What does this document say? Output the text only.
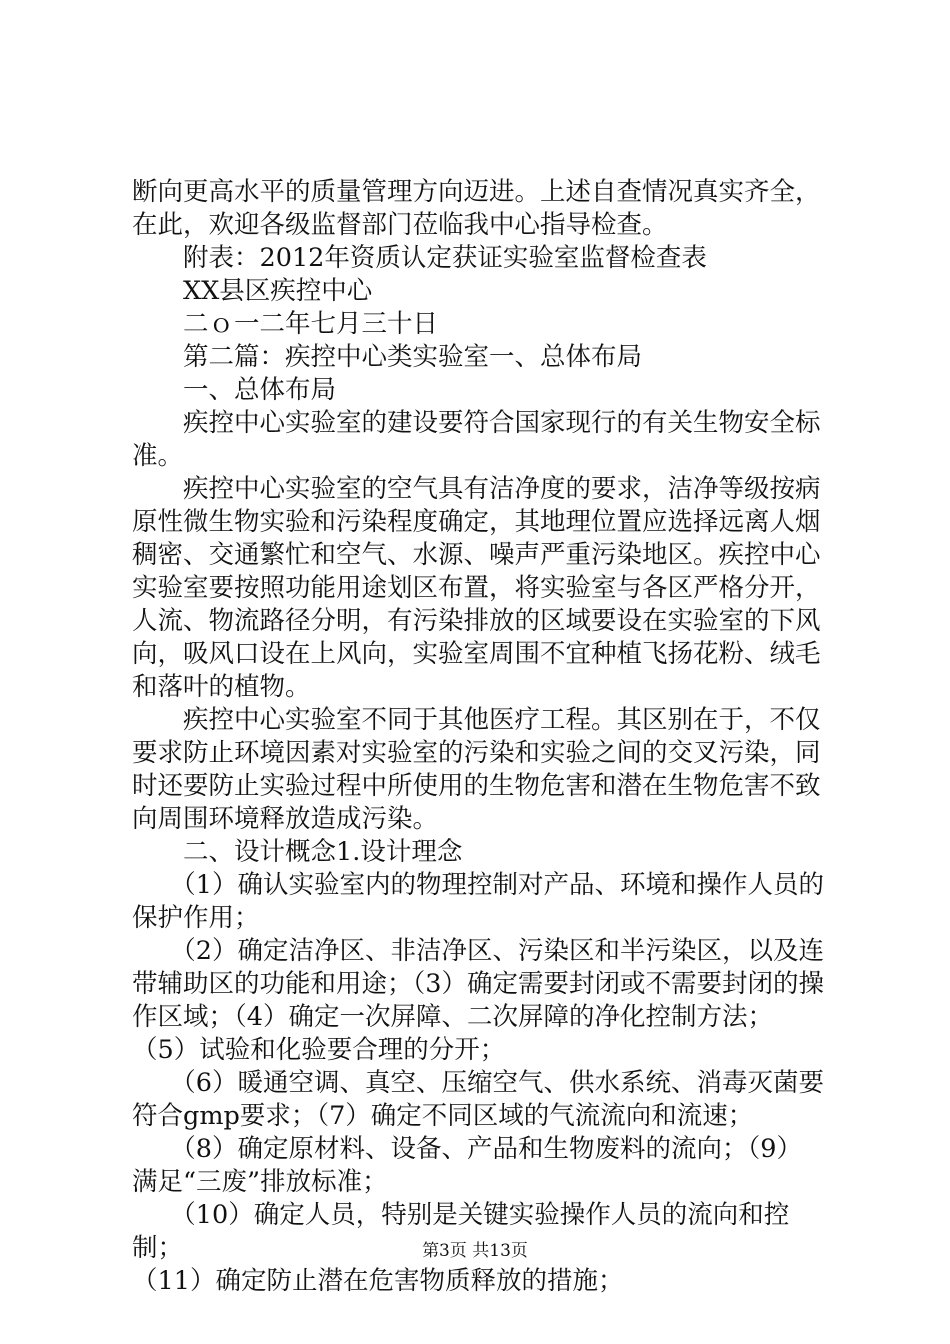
断向更高水平的质量管理方向迈进。上述自查情况真实齐全，

在此，欢迎各级监督部门莅临我中心指导检查。

　　附表：2012年资质认定获证实验室监督检查表

　　XX县区疾控中心

　　二ｏ一二年七月三十日

　　第二篇：疾控中心类实验室一、总体布局

　　一、总体布局

　　疾控中心实验室的建设要符合国家现行的有关生物安全标

准。

　　疾控中心实验室的空气具有洁净度的要求，洁净等级按病

原性微生物实验和污染程度确定，其地理位置应选择远离人烟

稠密、交通繁忙和空气、水源、噪声严重污染地区。疾控中心

实验室要按照功能用途划区布置，将实验室与各区严格分开，

人流、物流路径分明，有污染排放的区域要设在实验室的下风

向，吸风口设在上风向，实验室周围不宜种植飞扬花粉、绒毛

和落叶的植物。

　　疾控中心实验室不同于其他医疗工程。其区别在于，不仅

要求防止环境因素对实验室的污染和实验之间的交叉污染，同

时还要防止实验过程中所使用的生物危害和潜在生物危害不致

向周围环境释放造成污染。

　　二、设计概念1.设计理念

　　（1）确认实验室内的物理控制对产品、环境和操作人员的

保护作用；

　　（2）确定洁净区、非洁净区、污染区和半污染区，以及连

带辅助区的功能和用途；（3）确定需要封闭或不需要封闭的操

作区域；（4）确定一次屏障、二次屏障的净化控制方法；

（5）试验和化验要合理的分开；

　　（6）暖通空调、真空、压缩空气、供水系统、消毒灭菌要

符合gmp要求；（7）确定不同区域的气流流向和流速；

　　（8）确定原材料、设备、产品和生物废料的流向；（9）

满足“三废”排放标准；

　　（10）确定人员，特别是关键实验操作人员的流向和控制；

（11）确定防止潜在危害物质释放的措施；

第3页 共13页
